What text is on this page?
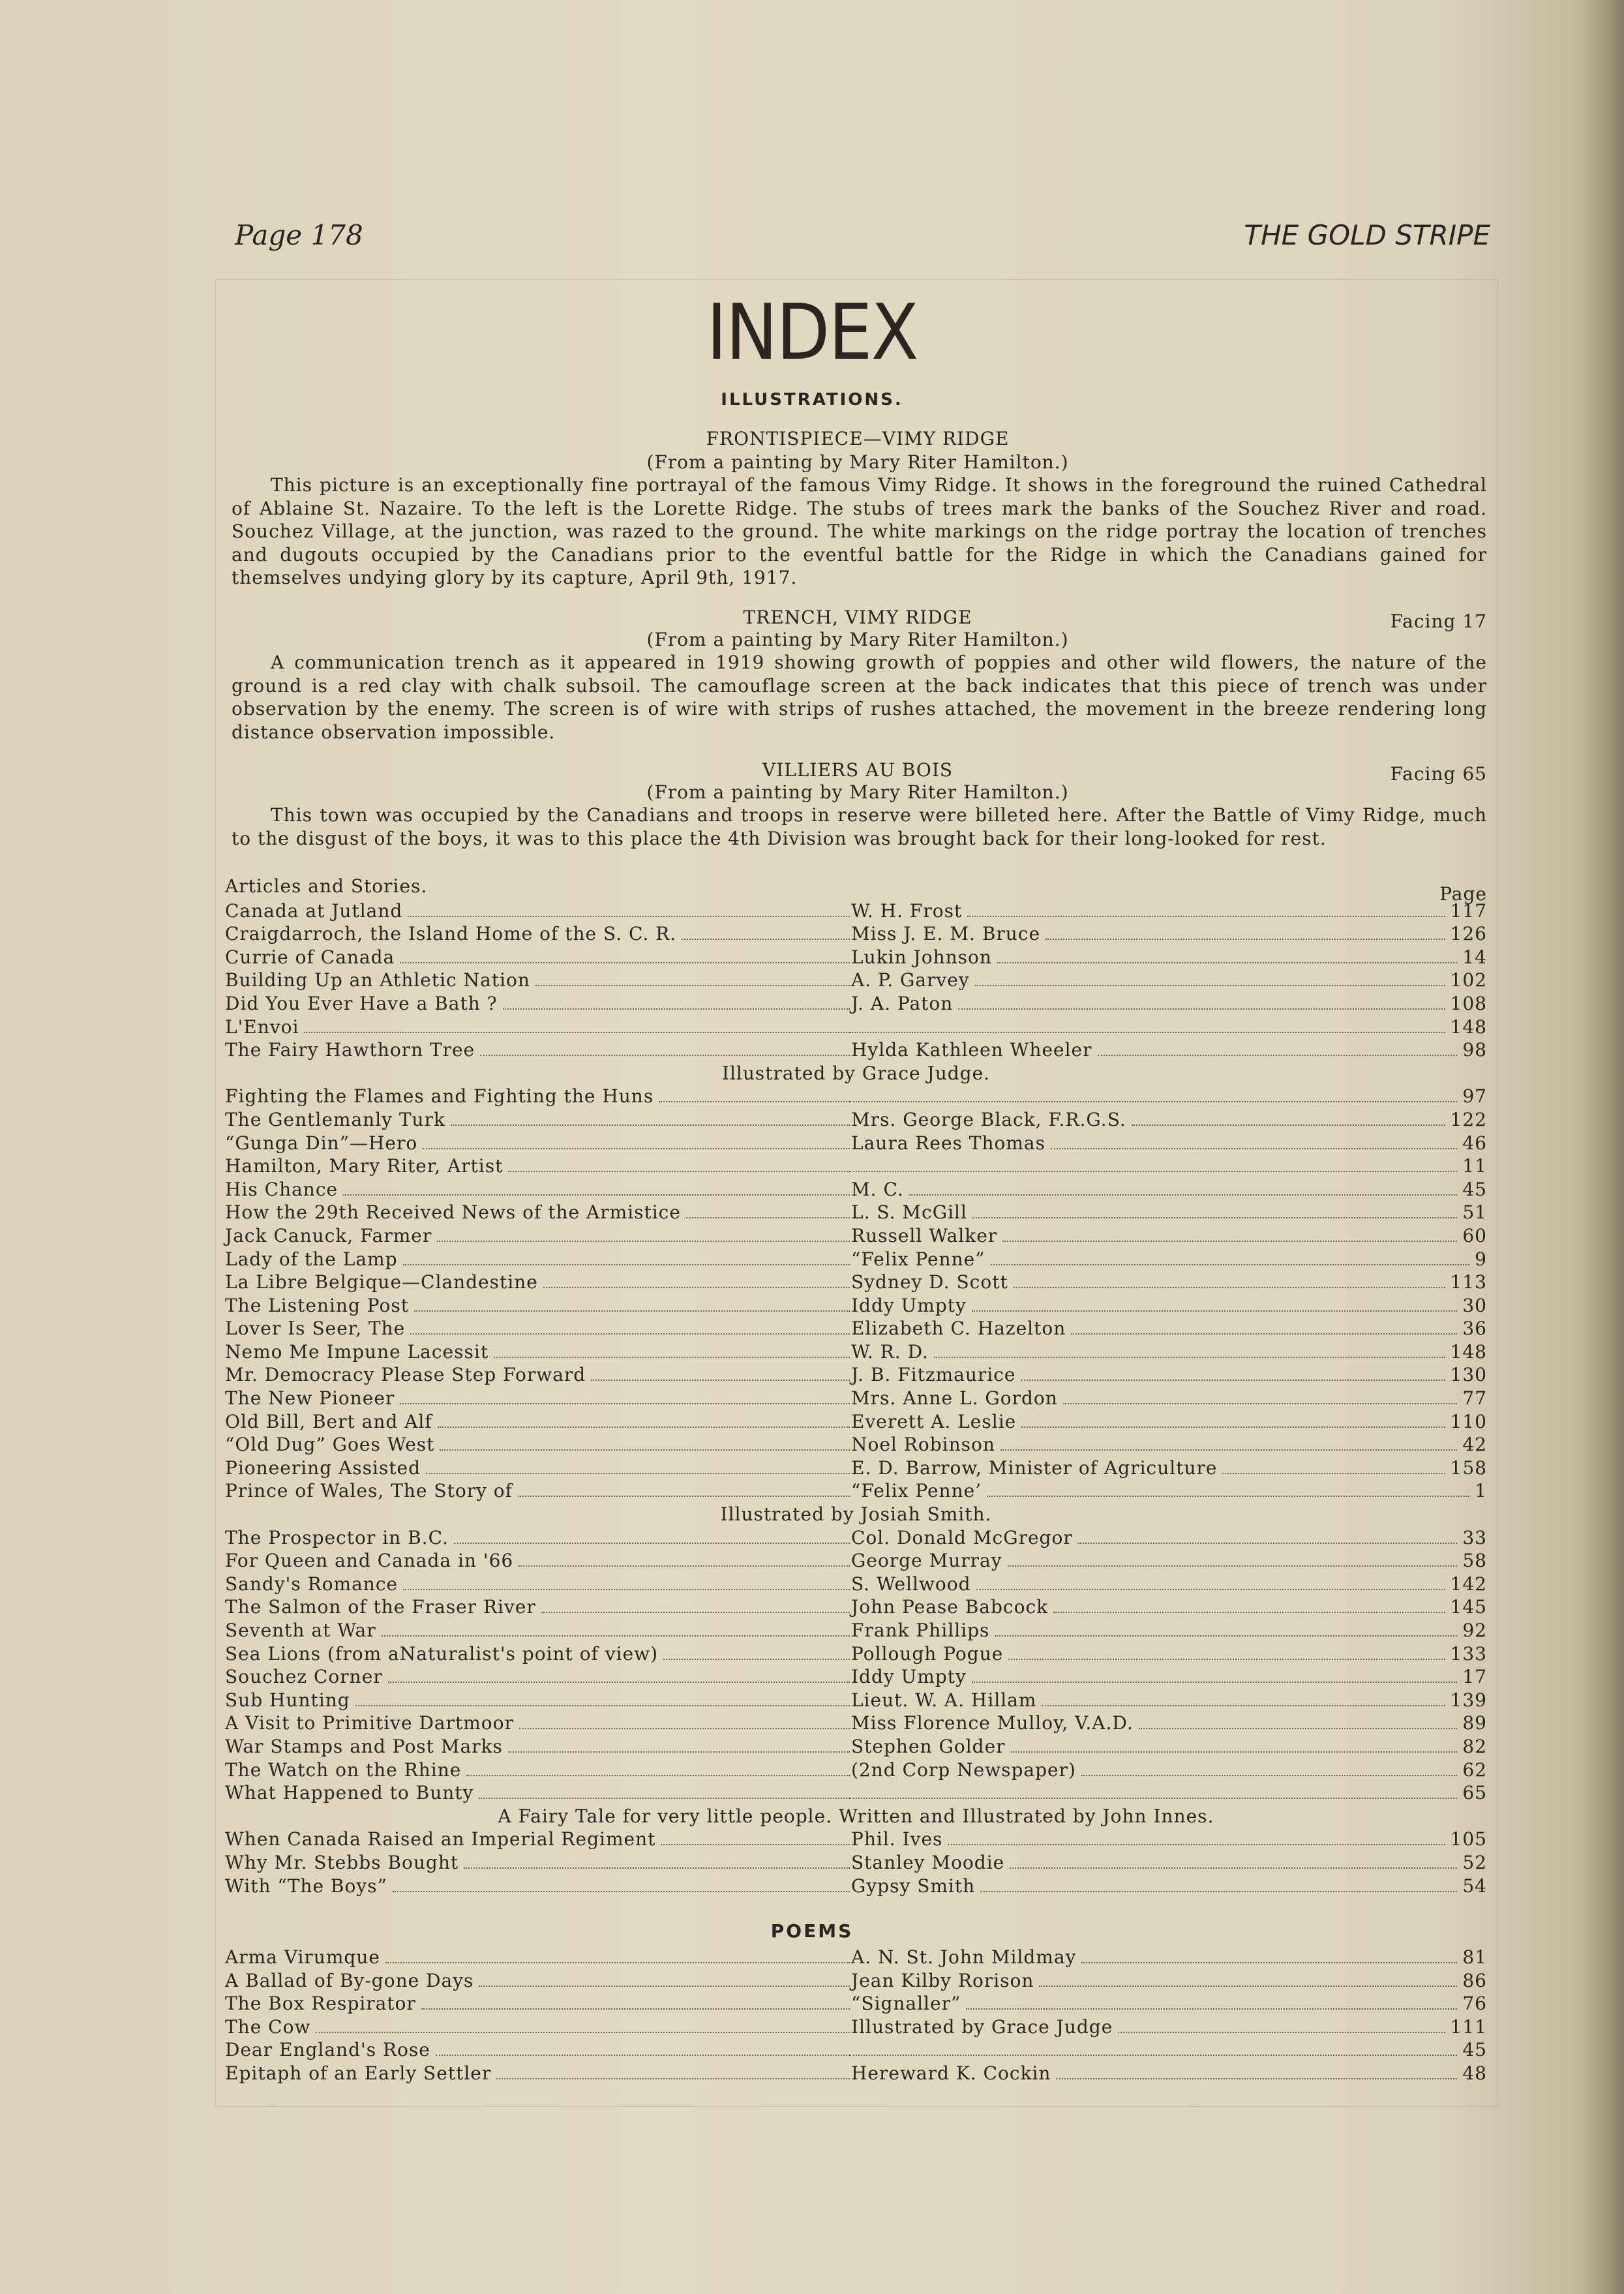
Page 178	THE GOLD STRIPE
INDEX
ILLUSTRATIONS.
FRONTISPIECE—VIMY RIDGE
(From a painting by Mary Riter Hamilton.)
This picture is an exceptionally fine portrayal of the famous Vimy Ridge. It shows in the foreground the ruined Cathedral of Ablaine St. Nazaire. To the left is the Lorette Ridge. The stubs of trees mark the banks of the Souchez River and road. Souchez Village, at the junction, was razed to the ground. The white markings on the ridge portray the location of trenches and dugouts occupied by the Canadians prior to the eventful battle for the Ridge in which the Canadians gained for themselves undying glory by its capture, April 9th, 1917.
TRENCH, VIMY RIDGE	Facing 17
(From a painting by Mary Riter Hamilton.)
A communication trench as it appeared in 1919 showing growth of poppies and other wild flowers, the nature of the ground is a red clay with chalk subsoil. The camouflage screen at the back indicates that this piece of trench was under observation by the enemy. The screen is of wire with strips of rushes attached, the movement in the breeze rendering long distance observation impossible.
VILLIERS AU BOIS	Facing 65
(From a painting by Mary Riter Hamilton.)
This town was occupied by the Canadians and troops in reserve were billeted here. After the Battle of Vimy Ridge, much to the disgust of the boys, it was to this place the 4th Division was brought back for their long-looked for rest.
Articles and Stories.	Page
Canada at Jutland	W. H. Frost	117
Craigdarroch, the Island Home of the S. C. R.	Miss J. E. M. Bruce	126
Currie of Canada	Lukin Johnson	14
Building Up an Athletic Nation	A. P. Garvey	102
Did You Ever Have a Bath ?	J. A. Paton	108
L'Envoi	148
The Fairy Hawthorn Tree	Hylda Kathleen Wheeler	98
Illustrated by Grace Judge.
Fighting the Flames and Fighting the Huns	97
The Gentlemanly Turk	Mrs. George Black, F.R.G.S.	122
“Gunga Din”—Hero	Laura Rees Thomas	46
Hamilton, Mary Riter, Artist	11
His Chance	M. C.	45
How the 29th Received News of the Armistice	L. S. McGill	51
Jack Canuck, Farmer	Russell Walker	60
Lady of the Lamp	“Felix Penne”	9
La Libre Belgique—Clandestine	Sydney D. Scott	113
The Listening Post	Iddy Umpty	30
Lover Is Seer, The	Elizabeth C. Hazelton	36
Nemo Me Impune Lacessit	W. R. D.	148
Mr. Democracy Please Step Forward	J. B. Fitzmaurice	130
The New Pioneer	Mrs. Anne L. Gordon	77
Old Bill, Bert and Alf	Everett A. Leslie	110
“Old Dug” Goes West	Noel Robinson	42
Pioneering Assisted	E. D. Barrow, Minister of Agriculture	158
Prince of Wales, The Story of	“Felix Penne’	1
Illustrated by Josiah Smith.
The Prospector in B.C.	Col. Donald McGregor	33
For Queen and Canada in '66	George Murray	58
Sandy's Romance	S. Wellwood	142
The Salmon of the Fraser River	John Pease Babcock	145
Seventh at War	Frank Phillips	92
Sea Lions (from aNaturalist's point of view)	Pollough Pogue	133
Souchez Corner	Iddy Umpty	17
Sub Hunting	Lieut. W. A. Hillam	139
A Visit to Primitive Dartmoor	Miss Florence Mulloy, V.A.D.	89
War Stamps and Post Marks	Stephen Golder	82
The Watch on the Rhine	(2nd Corp Newspaper)	62
What Happened to Bunty	65
A Fairy Tale for very little people. Written and Illustrated by John Innes.
When Canada Raised an Imperial Regiment	Phil. Ives	105
Why Mr. Stebbs Bought	Stanley Moodie	52
With “The Boys”	Gypsy Smith	54
POEMS
Arma Virumque	A. N. St. John Mildmay	81
A Ballad of By-gone Days	Jean Kilby Rorison	86
The Box Respirator	“Signaller”	76
The Cow	Illustrated by Grace Judge	111
Dear England's Rose	45
Epitaph of an Early Settler	Hereward K. Cockin	48
